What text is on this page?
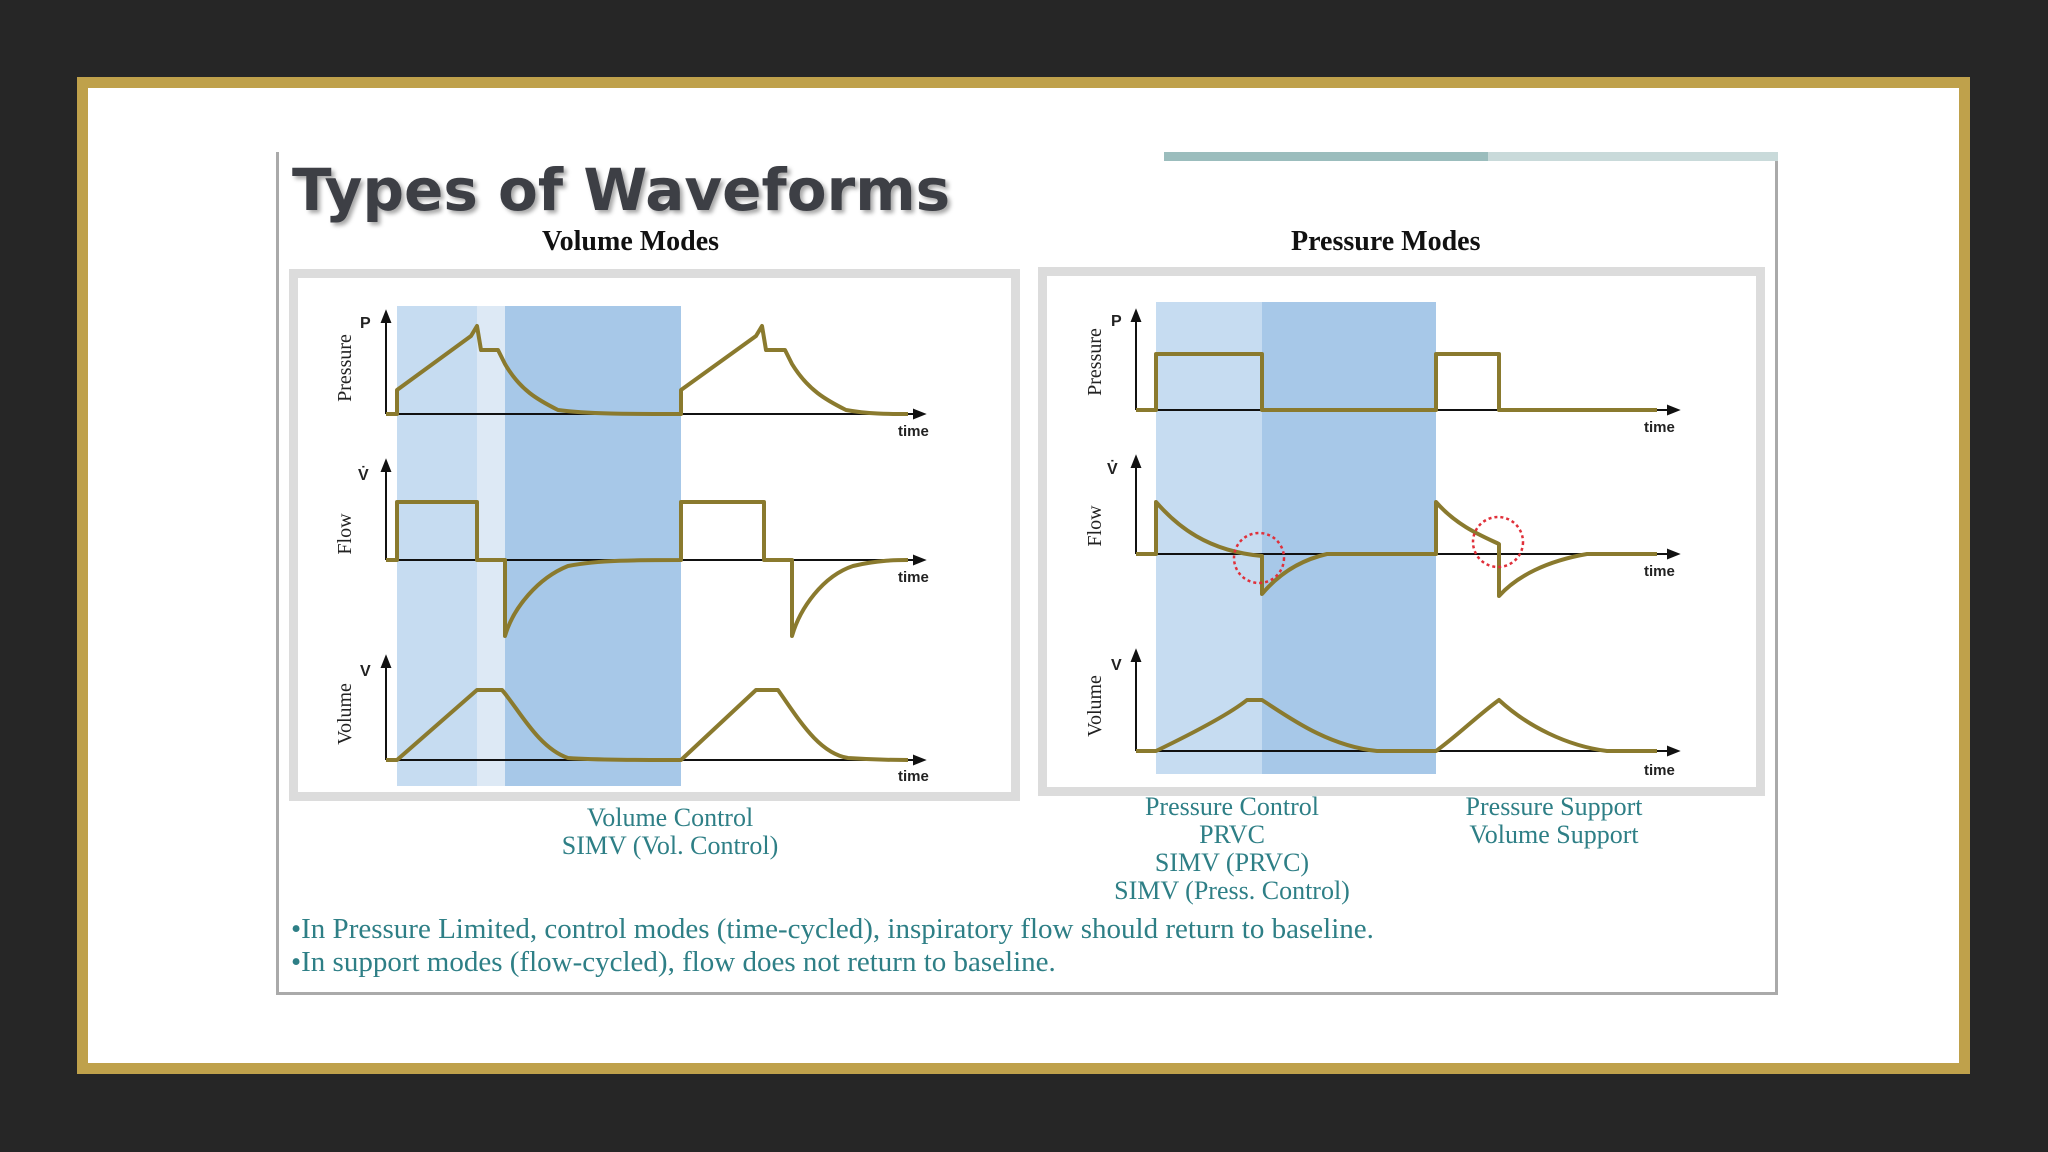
Types of Waveforms
Volume Modes	Pressure Modes
Pressure
Flow
Volume
P
V̇
V
time
time
time
Pressure
Flow
Volume
P
V̇
V
time
time
time
Volume Control
SIMV (Vol. Control)
Pressure Control
PRVC
SIMV (PRVC)
SIMV (Press. Control)
Pressure Support
Volume Support
•In Pressure Limited, control modes (time-cycled), inspiratory flow should return to baseline.
•In support modes (flow-cycled), flow does not return to baseline.
